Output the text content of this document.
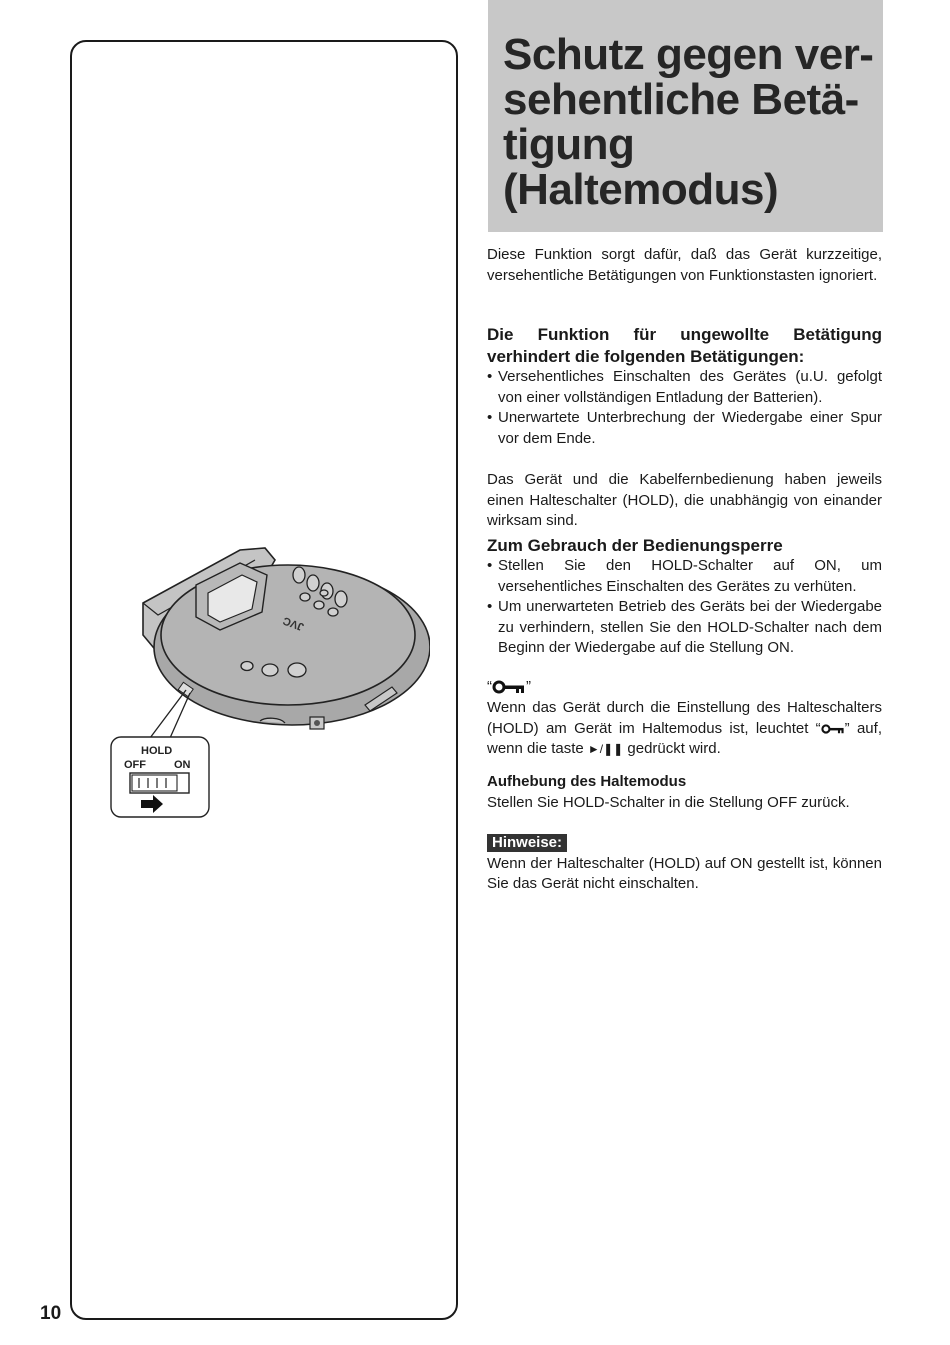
JVC
HOLD
OFF	ON
10
Schutz gegen ver-sehentliche Betä-tigung (Haltemodus)

Diese Funktion sorgt dafür, daß das Gerät kurzzeitige, versehentliche Betätigungen von Funktionstasten ignoriert.

Die Funktion für ungewollte Betätigung verhindert die folgenden Betätigungen:

• Versehentliches Einschalten des Gerätes (u.U. gefolgt von einer vollständigen Entladung der Batterien).
• Unerwartete Unterbrechung der Wiedergabe einer Spur vor dem Ende.

Das Gerät und die Kabelfernbedienung haben jeweils einen Halteschalter (HOLD), die unabhängig von einander wirksam sind.

Zum Gebrauch der Bedienungsperre

• Stellen Sie den HOLD-Schalter auf ON, um versehentliches Einschalten des Gerätes zu verhüten.
• Um unerwarteten Betrieb des Geräts bei der Wiedergabe zu verhindern, stellen Sie den HOLD-Schalter nach dem Beginn der Wiedergabe auf die Stellung ON.
“ ”

Wenn das Gerät durch die Einstellung des Halteschalters (HOLD) am Gerät im Haltemodus ist, leuchtet “ ” auf, wenn die taste ►/❚❚ gedrückt wird.

Aufhebung des Haltemodus

Stellen Sie HOLD-Schalter in die Stellung OFF zurück.

Hinweise:

Wenn der Halteschalter (HOLD) auf ON gestellt ist, können Sie das Gerät nicht einschalten.
